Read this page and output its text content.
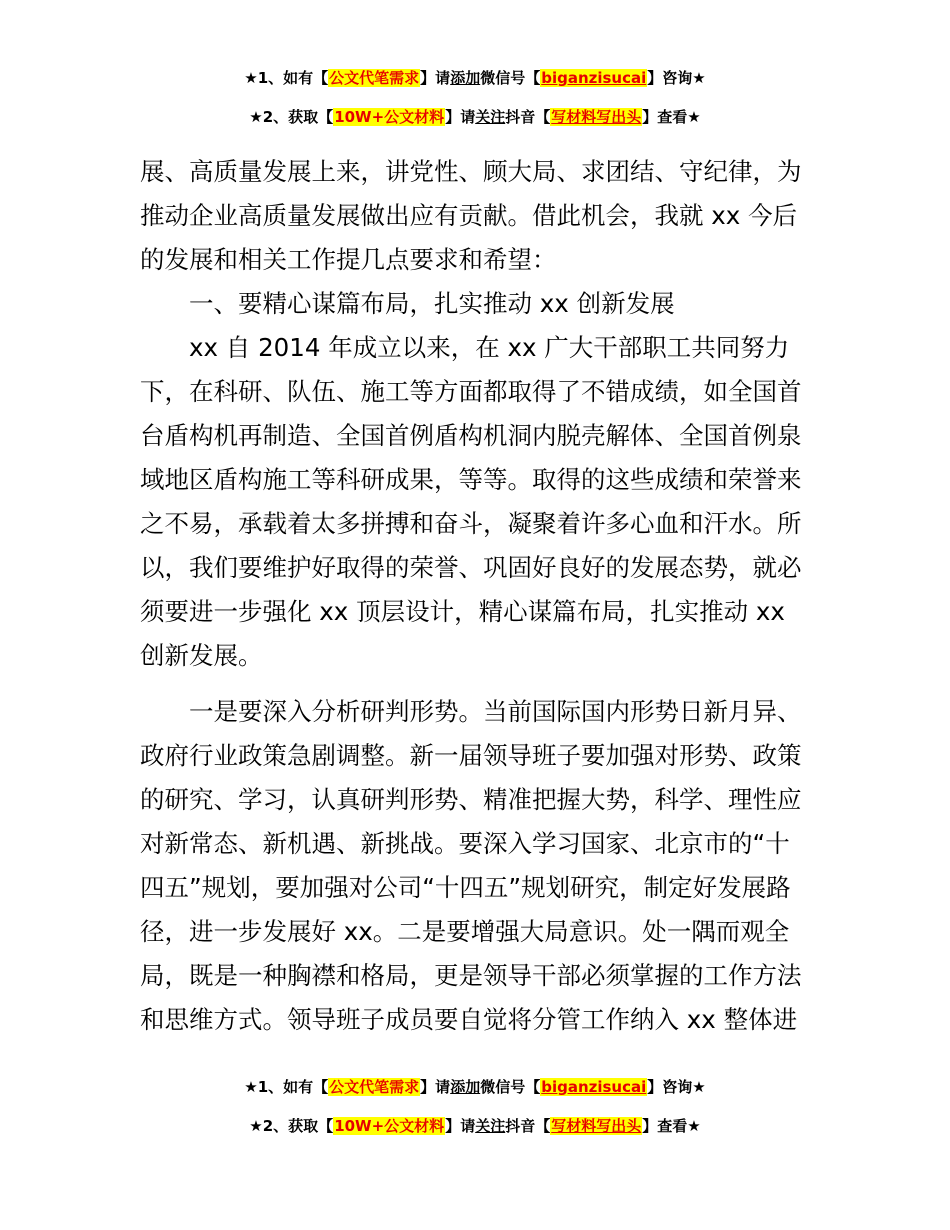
★1、如有【公文代笔需求】请添加微信号【biganzisucai】咨询★
★2、获取【10W+公文材料】请关注抖音【写材料写出头】查看★
展、高质量发展上来，讲党性、顾大局、求团结、守纪律，为
推动企业高质量发展做出应有贡献。借此机会，我就 xx 今后
的发展和相关工作提几点要求和希望：
　　一、要精心谋篇布局，扎实推动 xx 创新发展
　　xx 自 2014 年成立以来，在 xx 广大干部职工共同努力
下，在科研、队伍、施工等方面都取得了不错成绩，如全国首
台盾构机再制造、全国首例盾构机洞内脱壳解体、全国首例泉
域地区盾构施工等科研成果，等等。取得的这些成绩和荣誉来
之不易，承载着太多拼搏和奋斗，凝聚着许多心血和汗水。所
以，我们要维护好取得的荣誉、巩固好良好的发展态势，就必
须要进一步强化 xx 顶层设计，精心谋篇布局，扎实推动 xx
创新发展。
　　一是要深入分析研判形势。当前国际国内形势日新月异、
政府行业政策急剧调整。新一届领导班子要加强对形势、政策
的研究、学习，认真研判形势、精准把握大势，科学、理性应
对新常态、新机遇、新挑战。要深入学习国家、北京市的“十
四五”规划，要加强对公司“十四五”规划研究，制定好发展路
径，进一步发展好 xx。二是要增强大局意识。处一隅而观全
局，既是一种胸襟和格局，更是领导干部必须掌握的工作方法
和思维方式。领导班子成员要自觉将分管工作纳入 xx 整体进
★1、如有【公文代笔需求】请添加微信号【biganzisucai】咨询★
★2、获取【10W+公文材料】请关注抖音【写材料写出头】查看★
